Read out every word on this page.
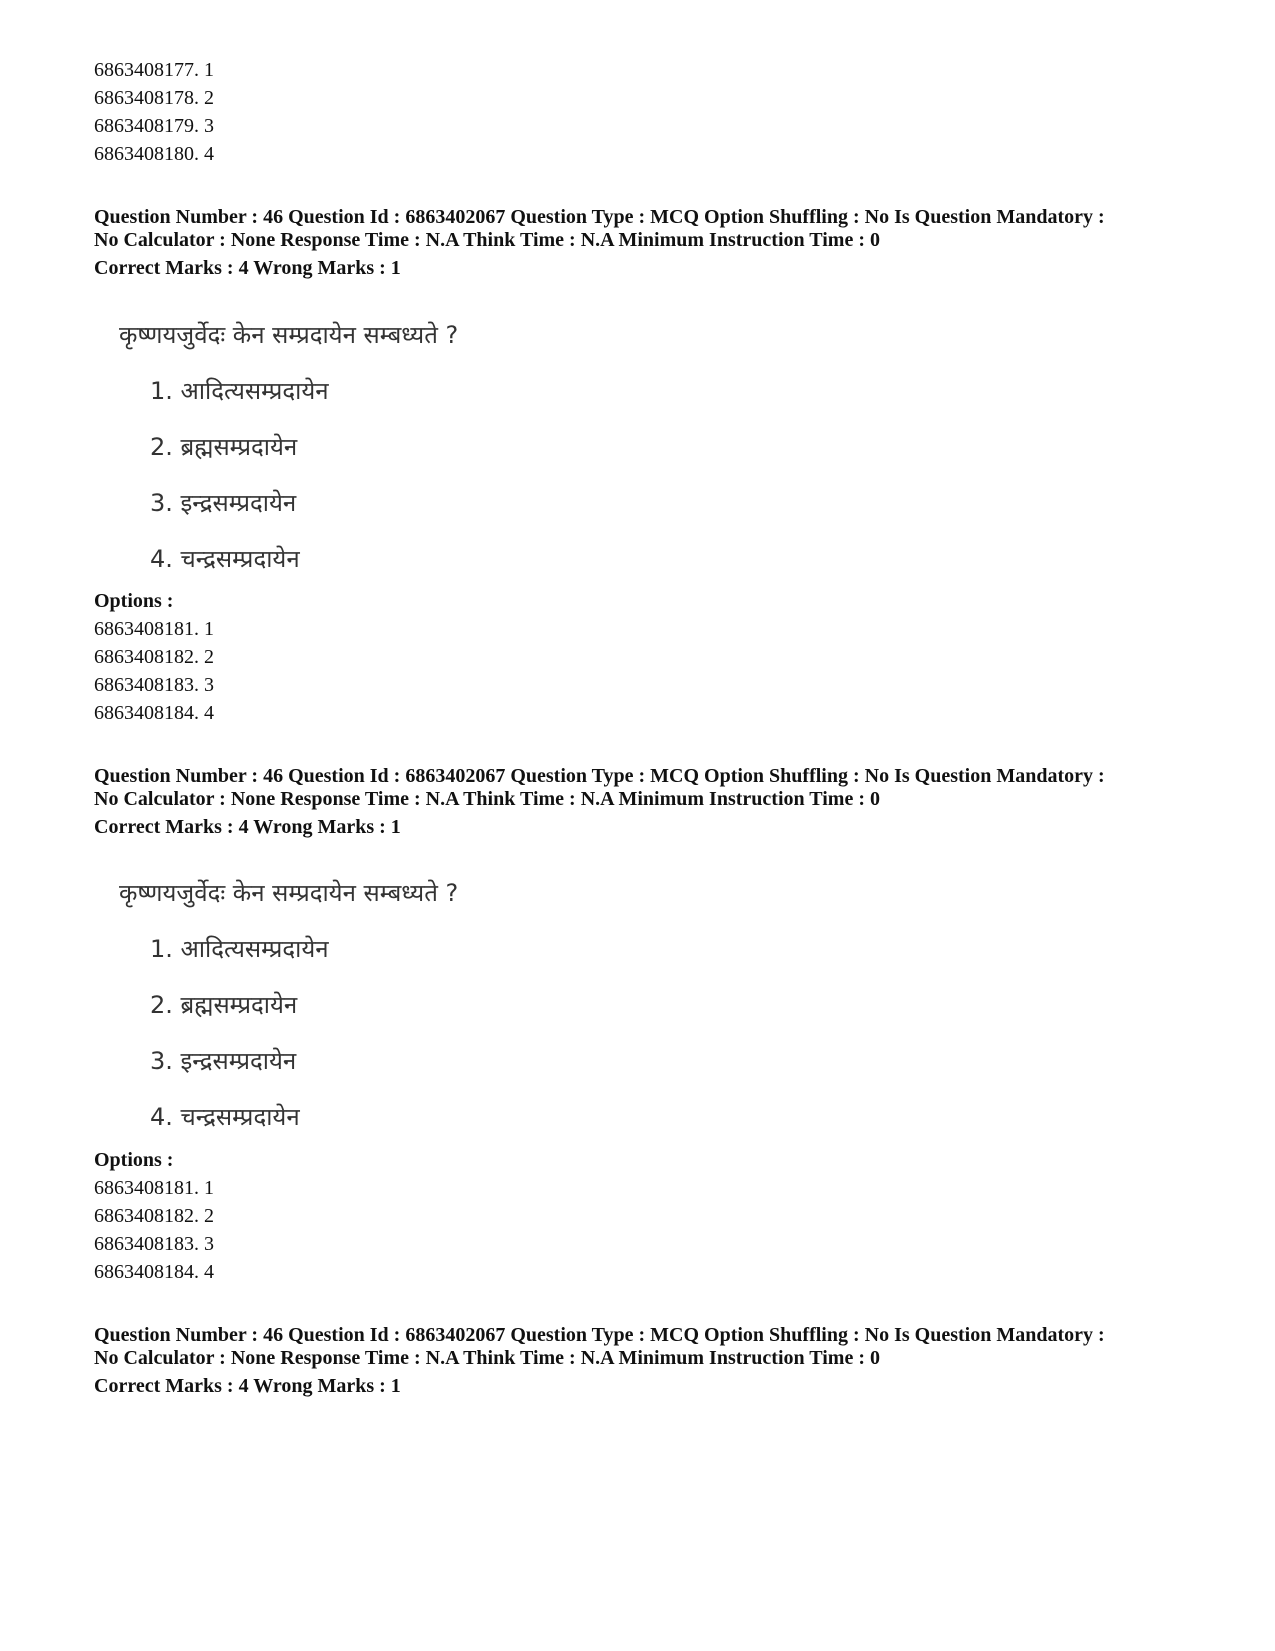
6863408177. 1
6863408178. 2
6863408179. 3
6863408180. 4
Question Number : 46 Question Id : 6863402067 Question Type : MCQ Option Shuffling : No Is Question Mandatory :
No Calculator : None Response Time : N.A Think Time : N.A Minimum Instruction Time : 0
Correct Marks : 4 Wrong Marks : 1
कृष्णयजुर्वेदः केन सम्प्रदायेन सम्बध्यते ?
1. आदित्यसम्प्रदायेन
2. ब्रह्मसम्प्रदायेन
3. इन्द्रसम्प्रदायेन
4. चन्द्रसम्प्रदायेन
Options :
6863408181. 1
6863408182. 2
6863408183. 3
6863408184. 4
Question Number : 46 Question Id : 6863402067 Question Type : MCQ Option Shuffling : No Is Question Mandatory :
No Calculator : None Response Time : N.A Think Time : N.A Minimum Instruction Time : 0
Correct Marks : 4 Wrong Marks : 1
कृष्णयजुर्वेदः केन सम्प्रदायेन सम्बध्यते ?
1. आदित्यसम्प्रदायेन
2. ब्रह्मसम्प्रदायेन
3. इन्द्रसम्प्रदायेन
4. चन्द्रसम्प्रदायेन
Options :
6863408181. 1
6863408182. 2
6863408183. 3
6863408184. 4
Question Number : 46 Question Id : 6863402067 Question Type : MCQ Option Shuffling : No Is Question Mandatory :
No Calculator : None Response Time : N.A Think Time : N.A Minimum Instruction Time : 0
Correct Marks : 4 Wrong Marks : 1
